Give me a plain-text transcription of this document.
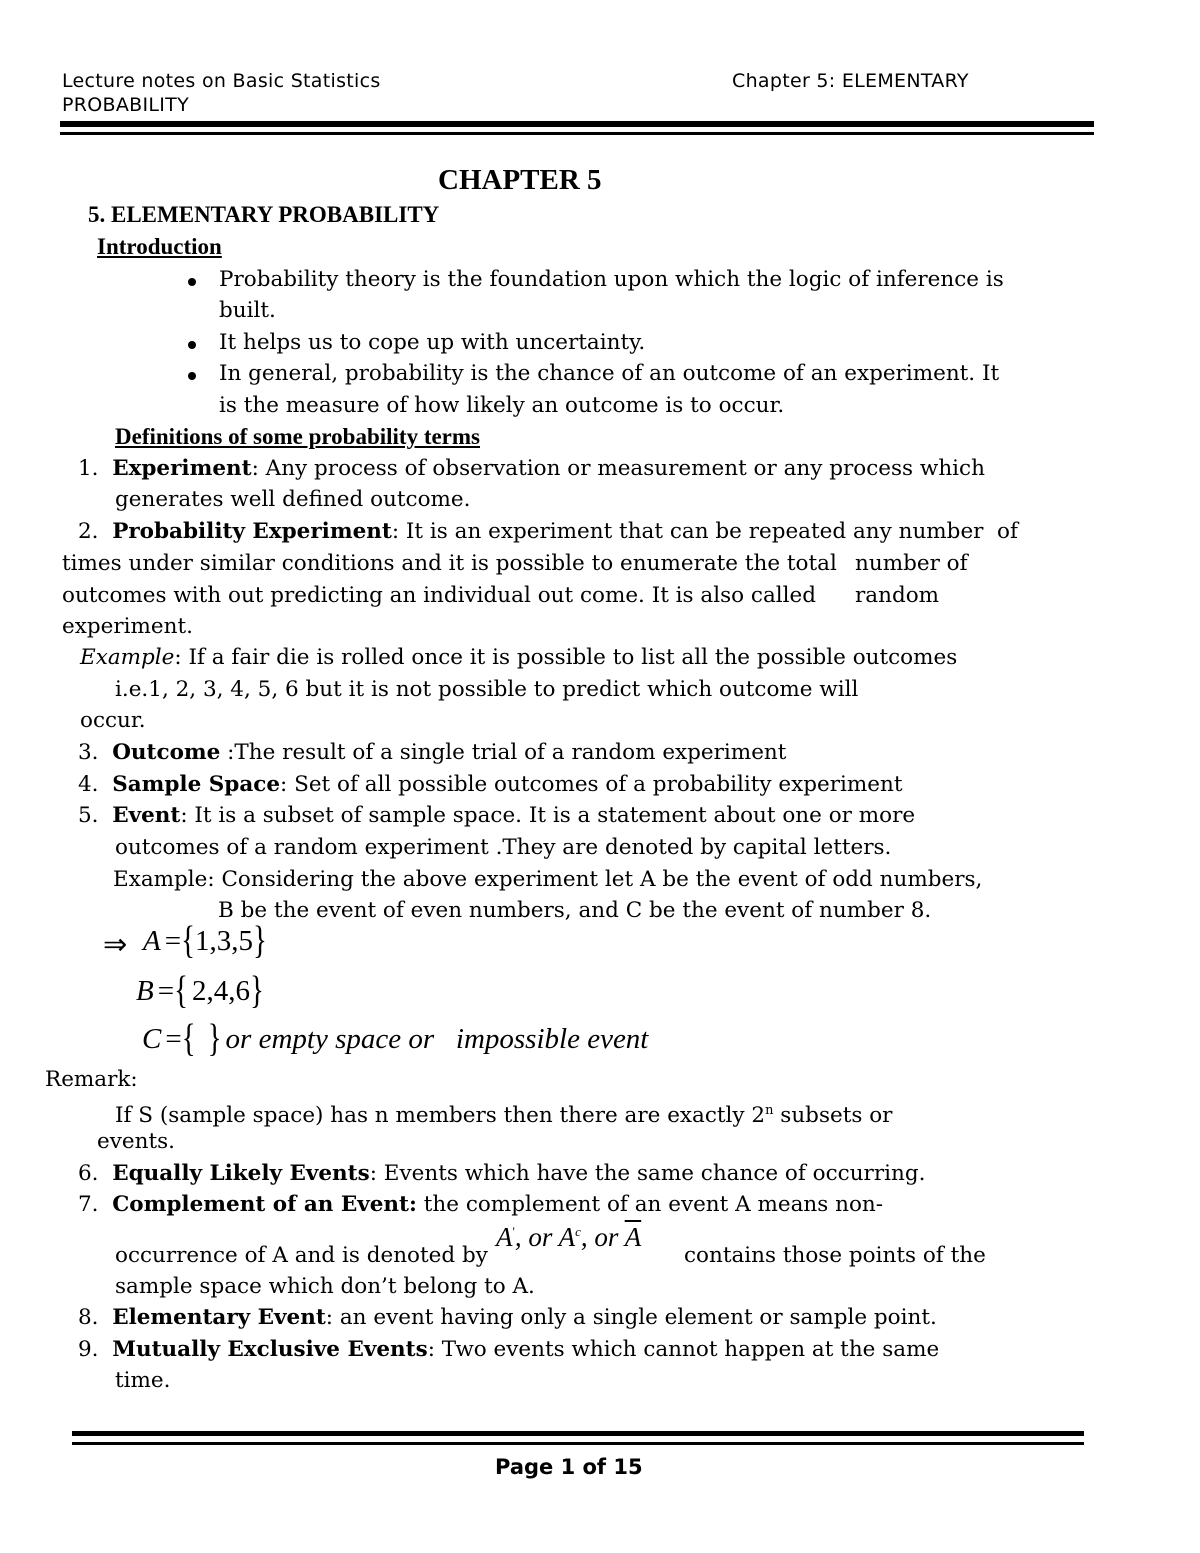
Lecture notes on Basic Statistics	Chapter 5: ELEMENTARY
PROBABILITY
CHAPTER 5
5. ELEMENTARY PROBABILITY
Introduction
Probability theory is the foundation upon which the logic of inference is
built.
It helps us to cope up with uncertainty.
In general, probability is the chance of an outcome of an experiment. It
is the measure of how likely an outcome is to occur.
Definitions of some probability terms
1. Experiment: Any process of observation or measurement or any process which
generates well defined outcome.
2. Probability Experiment: It is an experiment that can be repeated any number of
times under similar conditions and it is possible to enumerate the total number of
outcomes with out predicting an individual out come. It is also called random
experiment.
Example: If a fair die is rolled once it is possible to list all the possible outcomes
i.e.1, 2, 3, 4, 5, 6 but it is not possible to predict which outcome will
occur.
3. Outcome :The result of a single trial of a random experiment
4. Sample Space: Set of all possible outcomes of a probability experiment
5. Event: It is a subset of sample space. It is a statement about one or more
outcomes of a random experiment .They are denoted by capital letters.
Example: Considering the above experiment let A be the event of odd numbers,
B be the event of even numbers, and C be the event of number 8.
⇒ A ={1,3,5}
B ={ 2,4,6}
C ={ } or empty space or   impossible event
Remark:
If S (sample space) has n members then there are exactly 2$^n$ subsets or
events.
6. Equally Likely Events: Events which have the same chance of occurring.
7. Complement of an Event: the complement of an event A means non-
occurrence of A and is denoted by
A', or $A^c$, or $\overline{A}$
contains those points of the
sample space which don’t belong to A.
8. Elementary Event: an event having only a single element or sample point.
9. Mutually Exclusive Events: Two events which cannot happen at the same
time.
Page 1 of 15
